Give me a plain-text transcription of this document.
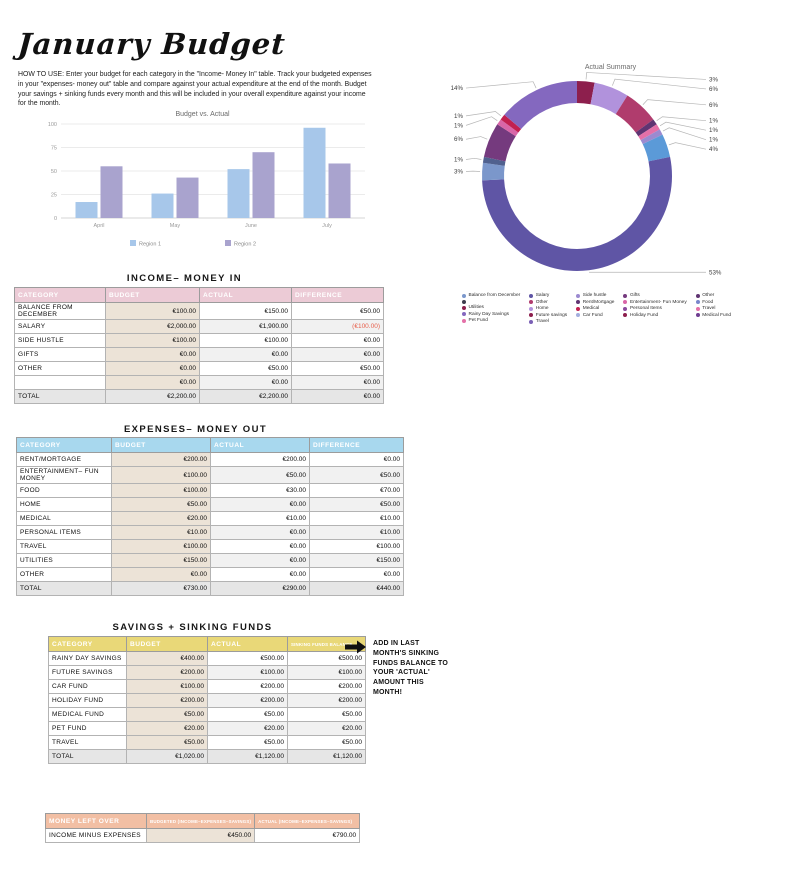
January Budget
HOW TO USE: Enter your budget for each category in the "Income- Money In" table. Track your budgeted expenses in your "expenses- money out" table and compare against your actual expenditure at the end of the month. Budget your savings + sinking funds every month and this will be included in your overall expenditure against your income for the month.
Budget vs. Actual
0
25
50
75
100
April	May	June	July
Region 1	Region 2
Actual Summary
3%
6%
6%
1%
1%
1%
4%
53%
14%
1%
1%
6%
1%
3%
Balance from December
Utilities
Rainy Day Savings
Pet Fund
Salary
Other
Home
Future savings
Travel
Side hustle
Rent/Mortgage
Medical
Car Fund
Gifts
Entertainment- Fun Money
Personal Items
Holiday Fund
Other
Food
Travel
Medical Fund
INCOME– MONEY IN
CATEGORY	BUDGET	ACTUAL	DIFFERENCE
BALANCE FROM DECEMBER	€100.00	€150.00	€50.00
SALARY	€2,000.00	€1,900.00	(€100.00)
SIDE HUSTLE	€100.00	€100.00	€0.00
GIFTS	€0.00	€0.00	€0.00
OTHER	€0.00	€50.00	€50.00
	€0.00	€0.00	€0.00
TOTAL	€2,200.00	€2,200.00	€0.00
EXPENSES– MONEY OUT
CATEGORY	BUDGET	ACTUAL	DIFFERENCE
RENT/MORTGAGE	€200.00	€200.00	€0.00
ENTERTAINMENT– FUN MONEY	€100.00	€50.00	€50.00
FOOD	€100.00	€30.00	€70.00
HOME	€50.00	€0.00	€50.00
MEDICAL	€20.00	€10.00	€10.00
PERSONAL ITEMS	€10.00	€0.00	€10.00
TRAVEL	€100.00	€0.00	€100.00
UTILITIES	€150.00	€0.00	€150.00
OTHER	€0.00	€0.00	€0.00
TOTAL	€730.00	€290.00	€440.00
SAVINGS + SINKING FUNDS
CATEGORY	BUDGET	ACTUAL	SINKING FUNDS BALANCE
RAINY DAY SAVINGS	€400.00	€500.00	€500.00
FUTURE SAVINGS	€200.00	€100.00	€100.00
CAR FUND	€100.00	€200.00	€200.00
HOLIDAY FUND	€200.00	€200.00	€200.00
MEDICAL FUND	€50.00	€50.00	€50.00
PET FUND	€20.00	€20.00	€20.00
TRAVEL	€50.00	€50.00	€50.00
TOTAL	€1,020.00	€1,120.00	€1,120.00
ADD IN LAST MONTH'S SINKING FUNDS BALANCE TO YOUR 'ACTUAL' AMOUNT THIS MONTH!
MONEY LEFT OVER	BUDGETED (INCOME–EXPENSES–SAVINGS)	ACTUAL (INCOME–EXPENSES–SAVINGS)
INCOME MINUS EXPENSES	€450.00	€790.00
